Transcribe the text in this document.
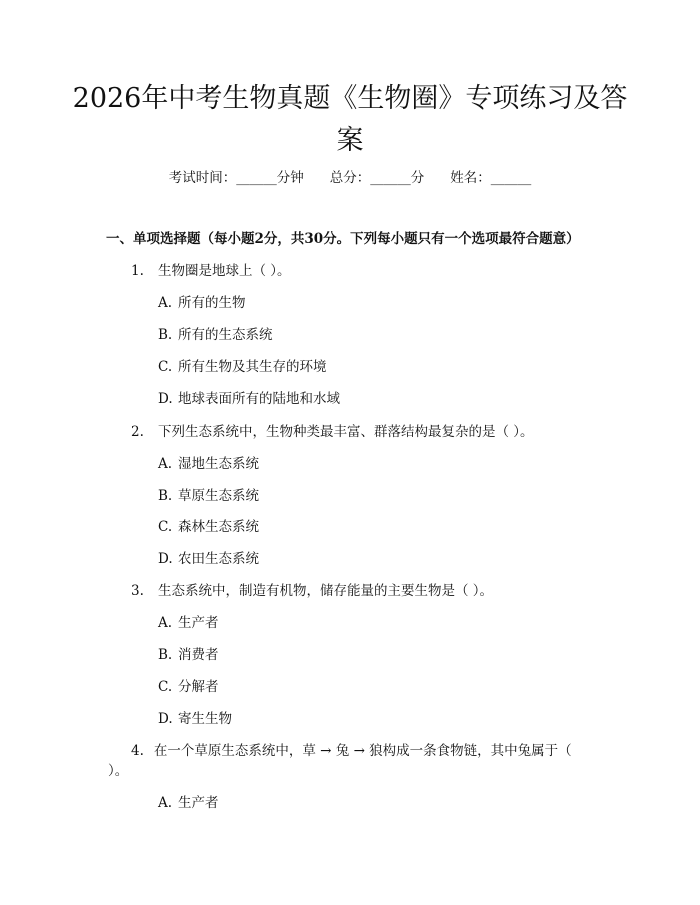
2026年中考生物真题《生物圈》专项练习及答案
考试时间：______分钟 总分：______分 姓名：______
一、单项选择题（每小题2分，共30分。下列每小题只有一个选项最符合题意）
1. 生物圈是地球上（ ）。
A. 所有的生物
B. 所有的生态系统
C. 所有生物及其生存的环境
D. 地球表面所有的陆地和水域
2. 下列生态系统中，生物种类最丰富、群落结构最复杂的是（ ）。
A. 湿地生态系统
B. 草原生态系统
C. 森林生态系统
D. 农田生态系统
3. 生态系统中，制造有机物，储存能量的主要生物是（ ）。
A. 生产者
B. 消费者
C. 分解者
D. 寄生生物
4. 在一个草原生态系统中，草 → 兔 → 狼构成一条食物链，其中兔属于（ ）。
A. 生产者
